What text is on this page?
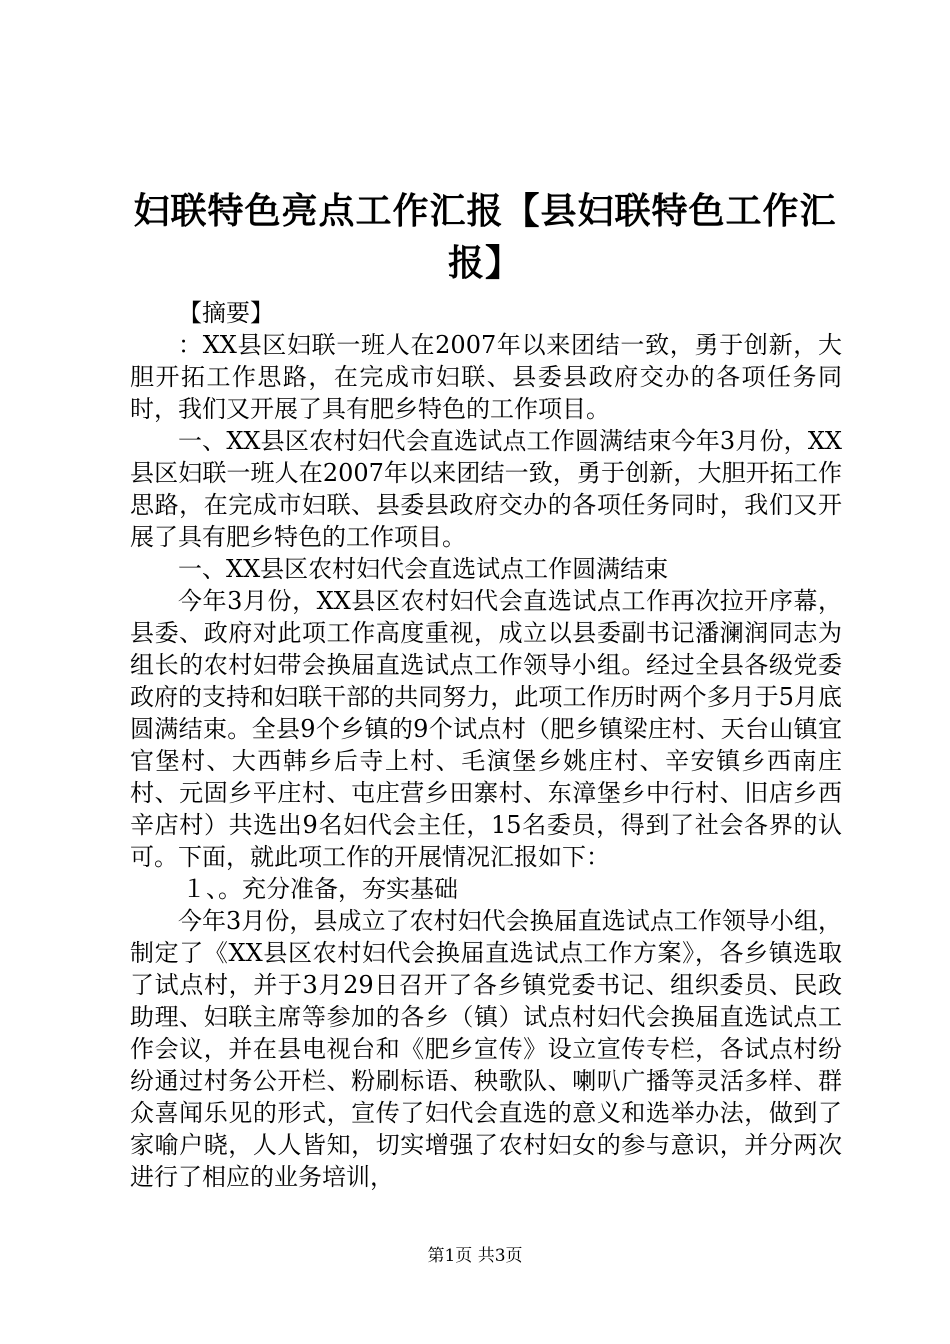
妇联特色亮点工作汇报【县妇联特色工作汇报】

【摘要】

：XX县区妇联一班人在2007年以来团结一致，勇于创新，大胆开拓工作思路，在完成市妇联、县委县政府交办的各项任务同时，我们又开展了具有肥乡特色的工作项目。

一、XX县区农村妇代会直选试点工作圆满结束今年3月份，XX县区妇联一班人在2007年以来团结一致，勇于创新，大胆开拓工作思路，在完成市妇联、县委县政府交办的各项任务同时，我们又开展了具有肥乡特色的工作项目。

一、XX县区农村妇代会直选试点工作圆满结束

今年3月份，XX县区农村妇代会直选试点工作再次拉开序幕，县委、政府对此项工作高度重视，成立以县委副书记潘澜润同志为组长的农村妇带会换届直选试点工作领导小组。经过全县各级党委政府的支持和妇联干部的共同努力，此项工作历时两个多月于5月底圆满结束。全县9个乡镇的9个试点村（肥乡镇梁庄村、天台山镇宜官堡村、大西韩乡后寺上村、毛演堡乡姚庄村、辛安镇乡西南庄村、元固乡平庄村、屯庄营乡田寨村、东漳堡乡中行村、旧店乡西辛店村）共选出9名妇代会主任，15名委员，得到了社会各界的认可。下面，就此项工作的开展情况汇报如下：

１、。充分准备，夯实基础

今年3月份，县成立了农村妇代会换届直选试点工作领导小组，制定了《XX县区农村妇代会换届直选试点工作方案》，各乡镇选取了试点村，并于3月29日召开了各乡镇党委书记、组织委员、民政助理、妇联主席等参加的各乡（镇）试点村妇代会换届直选试点工作会议，并在县电视台和《肥乡宣传》设立宣传专栏，各试点村纷纷通过村务公开栏、粉刷标语、秧歌队、喇叭广播等灵活多样、群众喜闻乐见的形式，宣传了妇代会直选的意义和选举办法，做到了家喻户晓，人人皆知，切实增强了农村妇女的参与意识，并分两次进行了相应的业务培训，

第1页 共3页
